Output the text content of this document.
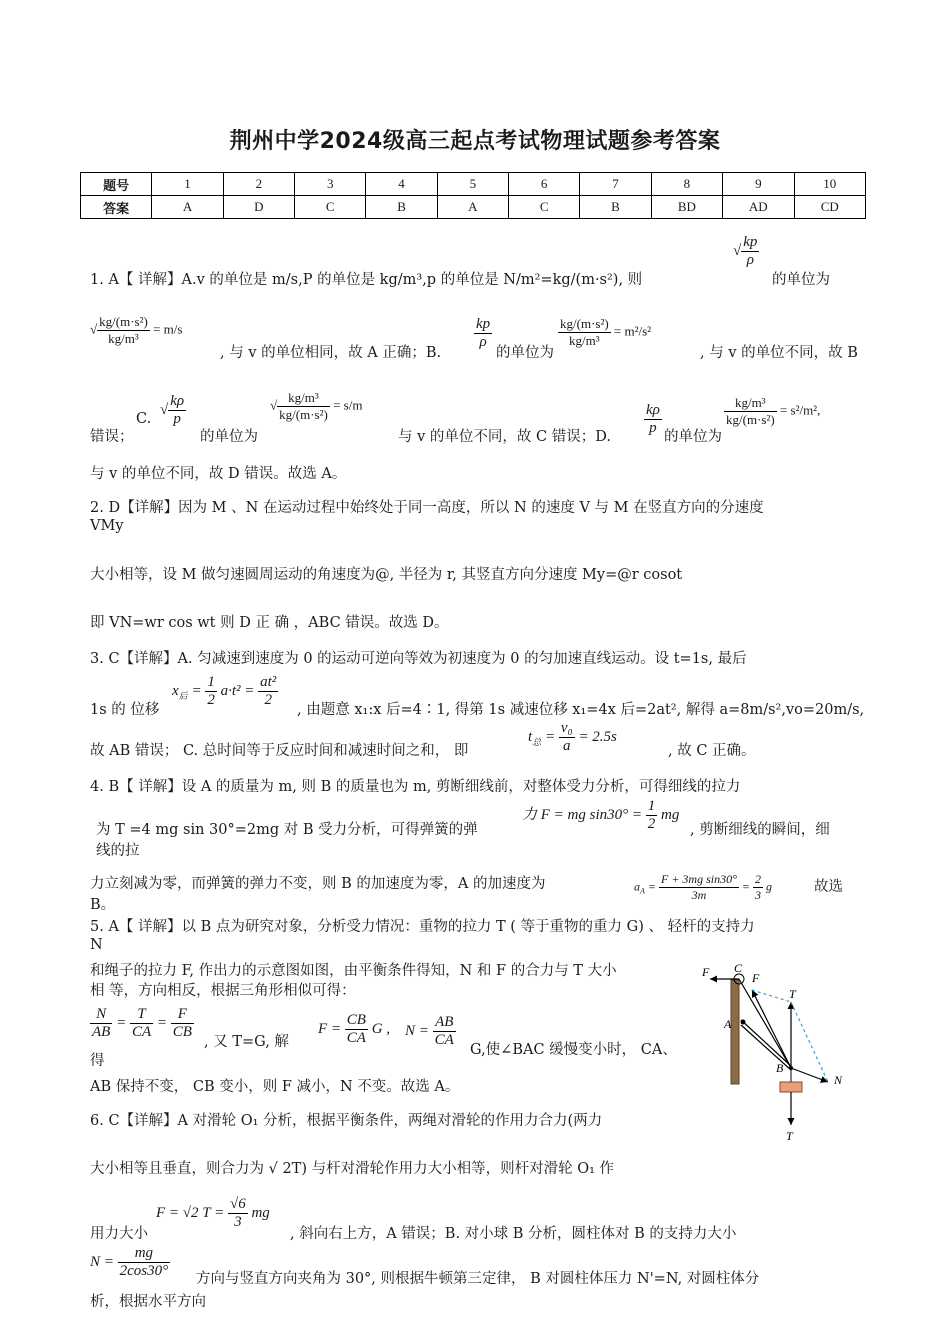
荆州中学2024级高三起点考试物理试题参考答案
题号	1	2	3	4	5	6	7	8	9	10
答案	A	D	C	B	A	C	B	BD	AD	CD
1. A【 详解】A.v 的单位是 m/s,P 的单位是 kg/m³,p 的单位是 N/m²=kg/(m·s²), 则
√ $\frac{kp}{\rho}$
的单位为
√ $\frac{\text{kg/(m·s²)}}{\text{kg/m³}} = m/s$
, 与 v 的单位相同，故 A 正确；B.
$\frac{kp}{\rho}$
的单位为
$\frac{\text{kg/(m·s²)}}{\text{kg/m³}} = m^2/s^2$
, 与 v 的单位不同，故 B
C.
√ $\frac{k\rho}{p}$	√ $\frac{\text{kg/m³}}{\text{kg/(m·s²)}} = s/m$
错误；	的单位为	与 v 的单位不同，故 C 错误；D. $\frac{k\rho}{p}$ 的单位为
$\frac{\text{kg/m³}}{\text{kg/(m·s²)}} = s^2/m^2$,
与 v 的单位不同，故 D 错误。故选 A。
2. D【详解】因为 M 、N 在运动过程中始终处于同一高度，所以 N 的速度 V 与 M 在竖直方向的分速度
VMy
大小相等，设 M 做匀速圆周运动的角速度为@, 半径为 r, 其竖直方向分速度 My=@r cosot
即 VN=wr cos wt 则 D 正 确 ，ABC 错误。故选 D。
3. C【详解】A. 匀减速到速度为 0 的运动可逆向等效为初速度为 0 的匀加速直线运动。设 t=1s, 最后
1s 的 位移
$x_后 = \frac{1}{2} a\cdot t^2 = \frac{\text{at²}}{2}$
, 由题意 x₁:x 后=4∶1, 得第 1s 减速位移 x₁=4x 后=2at², 解得 a=8m/s²,vo=20m/s,
故 AB 错误； C. 总时间等于反应时间和减速时间之和， 即
$t_总 = \frac{\text{v₀}}{a} = 2.5s$
, 故 C 正确。
4. B【 详解】设 A 的质量为 m, 则 B 的质量也为 m, 剪断细线前，对整体受力分析，可得细线的拉力
为 T =4 mg sin 30°=2mg 对 B 受力分析，可得弹簧的弹
力 F = mg $\sin 30^\circ = \frac{1}{2}$ mg
, 剪断细线的瞬间，细
线的拉
力立刻减为零，而弹簧的弹力不变，则 B 的加速度为零，A 的加速度为	$a_A = \frac{\text{F + 3mg sin30°}}{3m} = \frac{2}{3}$ g	故选
B。
5. A【 详解】以 B 点为研究对象，分析受力情况：重物的拉力 T ( 等于重物的重力 G) 、 轻杆的支持力
N
和绳子的拉力 F, 作出力的示意图如图，由平衡条件得知，N 和 F 的合力与 T 大小
相 等，方向相反，根据三角形相似可得：
$\frac{N}{AB} = \frac{T}{CA} = \frac{F}{CB}$
, 又 T=G, 解
得
$F = \frac{CB}{CA}$ G , $N = \frac{AB}{CA}$
G,使∠BAC 缓慢变小时， CA、
AB 保持不变， CB 变小，则 F 减小，N 不变。故选 A。
F C
F
T
A
B
N
T
6. C【详解】A 对滑轮 O₁ 分析，根据平衡条件，两绳对滑轮的作用力合力(两力
大小相等且垂直，则合力为 √ 2T) 与杆对滑轮作用力大小相等，则杆对滑轮 O₁ 作
用力大小
F = √2 $T = \frac{√6}{3}$ mg
, 斜向右上方，A 错误；B. 对小球 B 分析，圆柱体对 B 的支持力大小
$N = \frac{mg}{2\cos 30^\circ}$ 方向与竖直方向夹角为 30°, 则根据牛顿第三定律， B 对圆柱体压力 N'=N, 对圆柱体分
析，根据水平方向
